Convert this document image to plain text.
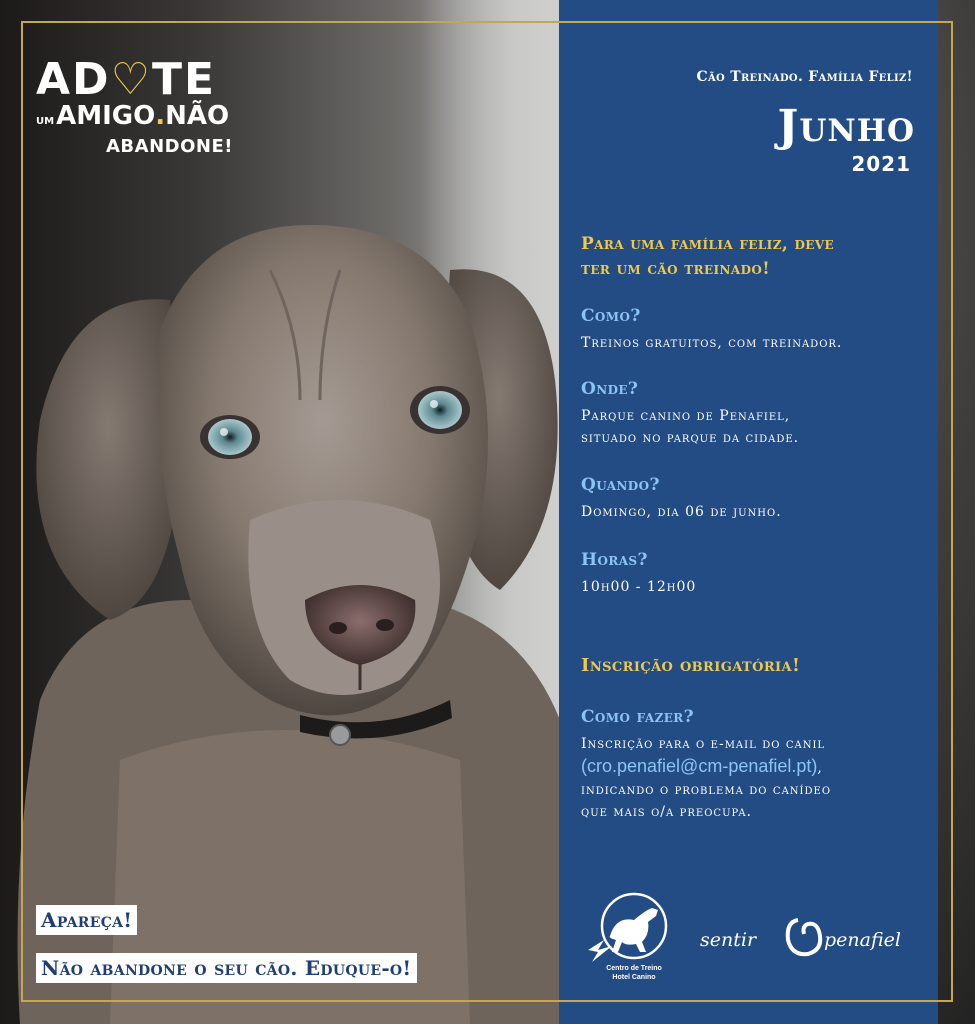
Cão Treinado. Família Feliz!
Junho
2021
Para uma família feliz, deve
ter um cão treinado!
Como?
Treinos gratuitos, com treinador.
Onde?
Parque canino de Penafiel,
situado no parque da cidade.
Quando?
Domingo, dia 06 de junho.
Horas?
10h00 - 12h00
Inscrição obrigatória!
Como fazer?
Inscrição para o e-mail do canil
(cro.penafiel@cm-penafiel.pt),
indicando o problema do canídeo
que mais o/a preocupa.
Centro de Treino
Hotel Canino
sentir	penafiel
AD♡TE
UM AMIGO . NÃO
ABANDONE!
Apareça!
Não abandone o seu cão. Eduque-o!
